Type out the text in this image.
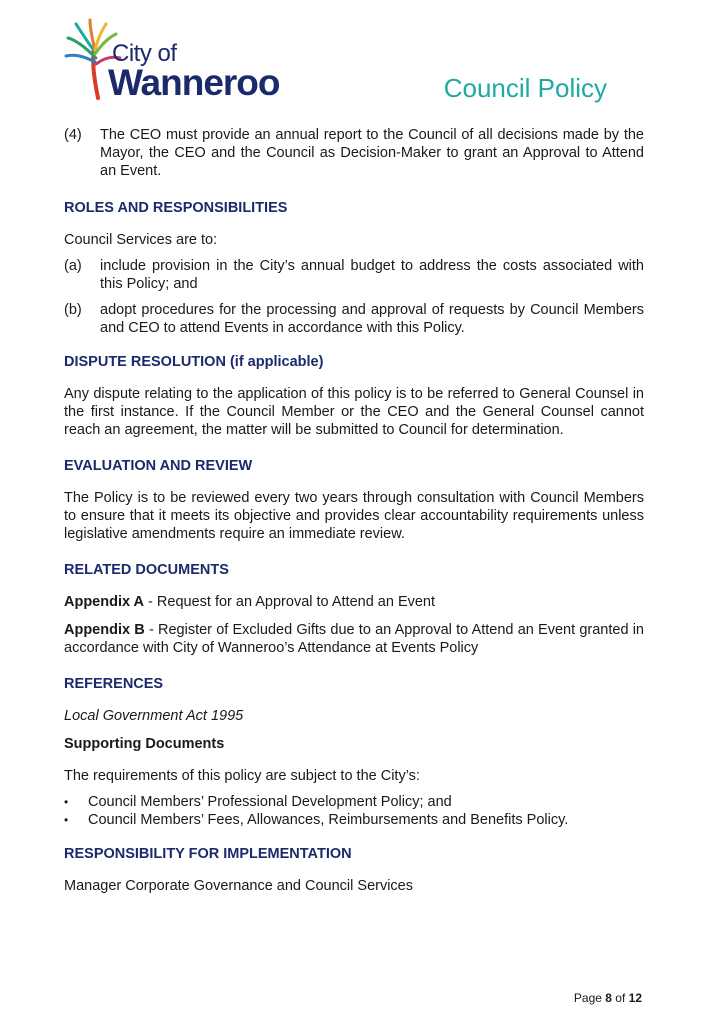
City of
Wanneroo	Council Policy
(4)	The CEO must provide an annual report to the Council of all decisions made by the Mayor, the CEO and the Council as Decision-Maker to grant an Approval to Attend an Event.
ROLES AND RESPONSIBILITIES

Council Services are to:

(a)	include provision in the City’s annual budget to address the costs associated with this Policy; and
(b)	adopt procedures for the processing and approval of requests by Council Members and CEO to attend Events in accordance with this Policy.
DISPUTE RESOLUTION (if applicable)

Any dispute relating to the application of this policy is to be referred to General Counsel in the first instance. If the Council Member or the CEO and the General Counsel cannot reach an agreement, the matter will be submitted to Council for determination.

EVALUATION AND REVIEW

The Policy is to be reviewed every two years through consultation with Council Members to ensure that it meets its objective and provides clear accountability requirements unless legislative amendments require an immediate review.

RELATED DOCUMENTS

Appendix A - Request for an Approval to Attend an Event

Appendix B - Register of Excluded Gifts due to an Approval to Attend an Event granted in accordance with City of Wanneroo’s Attendance at Events Policy

REFERENCES

Local Government Act 1995

Supporting Documents

The requirements of this policy are subject to the City’s:

•	Council Members’ Professional Development Policy; and
•	Council Members’ Fees, Allowances, Reimbursements and Benefits Policy.
RESPONSIBILITY FOR IMPLEMENTATION

Manager Corporate Governance and Council Services

Page 8 of 12
